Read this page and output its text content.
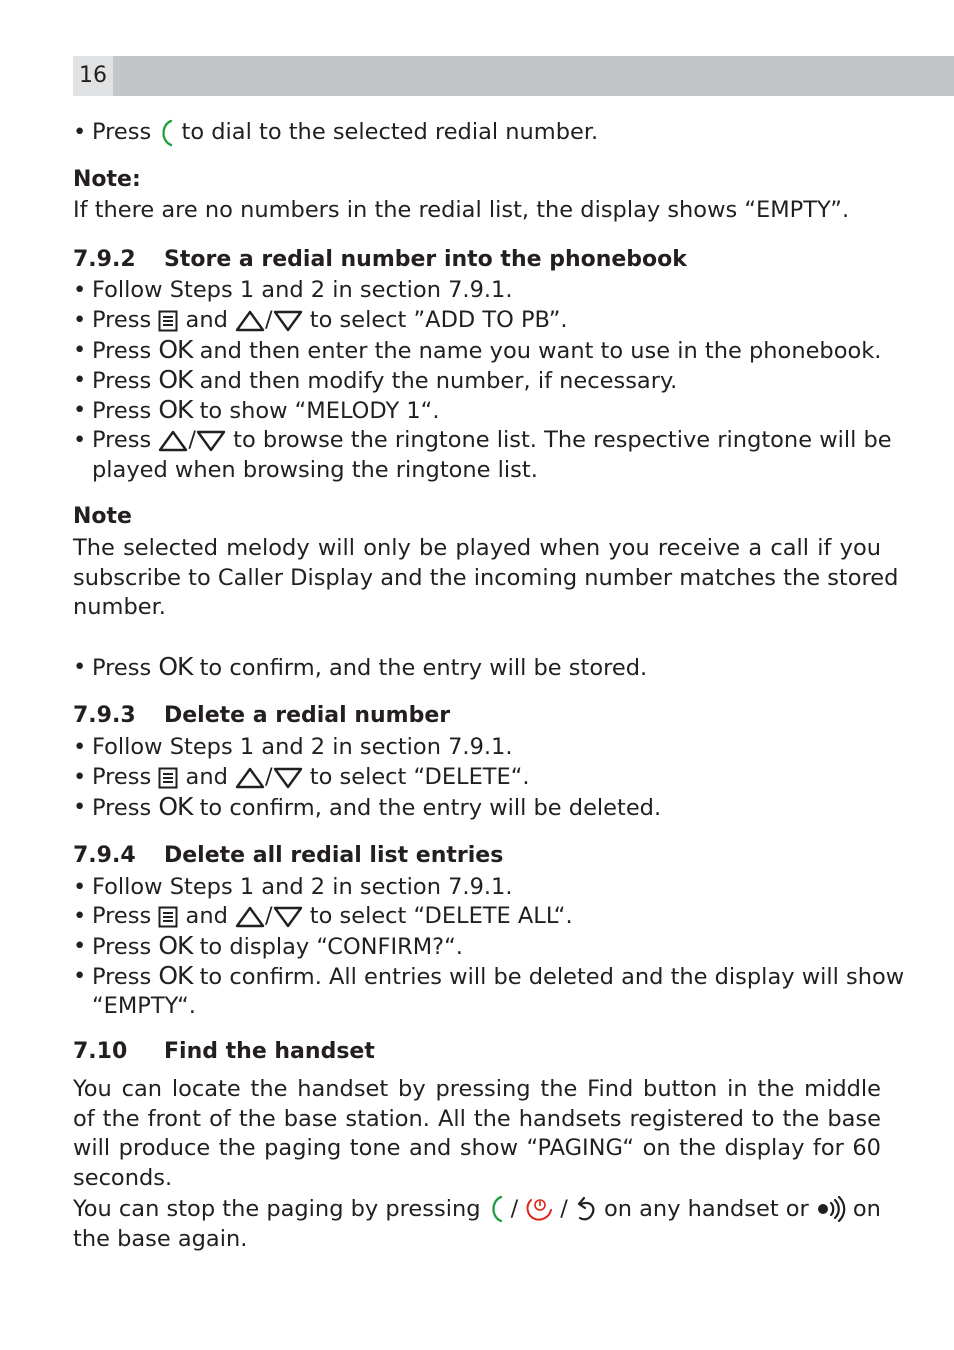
16
• Press to dial to the selected redial number.
Note:
If there are no numbers in the redial list, the display shows “EMPTY”.
7.9.2 Store a redial number into the phonebook
• Follow Steps 1 and 2 in section 7.9.1.
• Press and / to select ”ADD TO PB”.
• Press OK and then enter the name you want to use in the phonebook.
• Press OK and then modify the number, if necessary.
• Press OK to show “MELODY 1“.
• Press / to browse the ringtone list. The respective ringtone will be
played when browsing the ringtone list.
Note
The selected melody will only be played when you receive a call if you
subscribe to Caller Display and the incoming number matches the stored
number.
• Press OK to confirm, and the entry will be stored.
7.9.3 Delete a redial number
• Follow Steps 1 and 2 in section 7.9.1.
• Press and / to select “DELETE“.
• Press OK to confirm, and the entry will be deleted.
7.9.4 Delete all redial list entries
• Follow Steps 1 and 2 in section 7.9.1.
• Press and / to select “DELETE ALL“.
• Press OK to display “CONFIRM?“.
• Press OK to confirm. All entries will be deleted and the display will show
“EMPTY“.
7.10 Find the handset
You can locate the handset by pressing the Find button in the middle
of the front of the base station. All the handsets registered to the base
will produce the paging tone and show “PAGING“ on the display for 60
seconds.
You can stop the paging by pressing / / on any handset or on
the base again.
